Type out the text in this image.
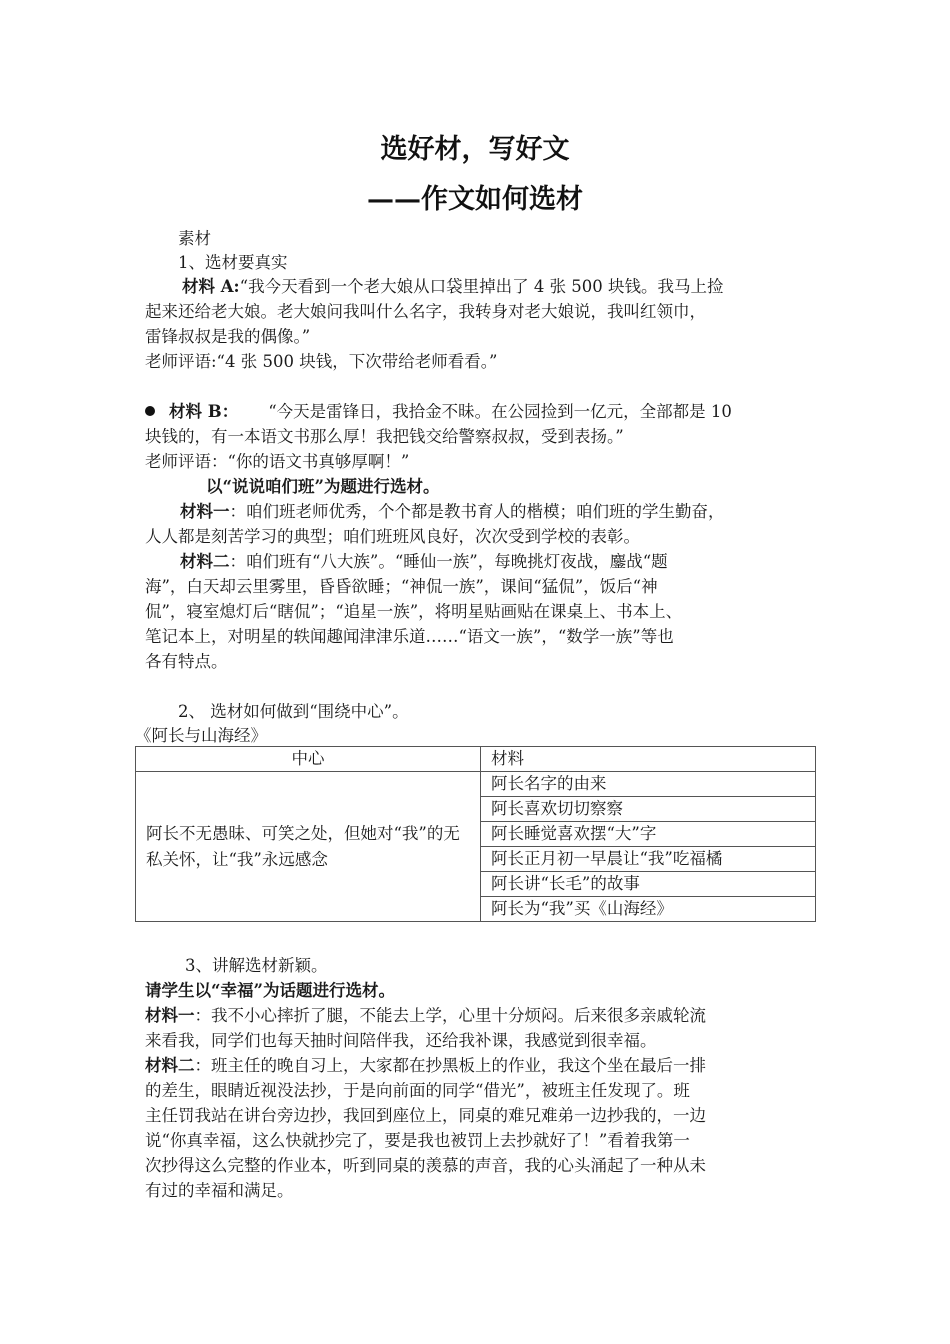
选好材，写好文
——作文如何选材
素材
1、选材要真实
材料 A:“我今天看到一个老大娘从口袋里掉出了 4 张 500 块钱。我马上捡
起来还给老大娘。老大娘问我叫什么名字，我转身对老大娘说，我叫红领巾，
雷锋叔叔是我的偶像。”
老师评语:“4 张 500 块钱，下次带给老师看看。”
材料 B： “今天是雷锋日，我拾金不昧。在公园捡到一亿元，全部都是 10
块钱的，有一本语文书那么厚！我把钱交给警察叔叔，受到表扬。”
老师评语：“你的语文书真够厚啊！”
以“说说咱们班”为题进行选材。
材料一：咱们班老师优秀，个个都是教书育人的楷模；咱们班的学生勤奋，
人人都是刻苦学习的典型；咱们班班风良好，次次受到学校的表彰。
材料二：咱们班有“八大族”。“睡仙一族”，每晚挑灯夜战，鏖战“题
海”，白天却云里雾里，昏昏欲睡；“神侃一族”，课间“猛侃”，饭后“神
侃”，寝室熄灯后“瞎侃”；“追星一族”，将明星贴画贴在课桌上、书本上、
笔记本上，对明星的轶闻趣闻津津乐道……“语文一族”，“数学一族”等也
各有特点。
2、 选材如何做到“围绕中心”。
《阿长与山海经》
中心	材料
阿长不无愚昧、可笑之处，但她对“我”的无私关怀，让“我”永远感念	阿长名字的由来
	阿长喜欢切切察察
	阿长睡觉喜欢摆“大”字
	阿长正月初一早晨让“我”吃福橘
	阿长讲“长毛”的故事
	阿长为“我”买《山海经》
3、讲解选材新颖。
请学生以“幸福”为话题进行选材。
材料一：我不小心摔折了腿，不能去上学，心里十分烦闷。后来很多亲戚轮流
来看我，同学们也每天抽时间陪伴我，还给我补课，我感觉到很幸福。
材料二：班主任的晚自习上，大家都在抄黑板上的作业，我这个坐在最后一排
的差生，眼睛近视没法抄，于是向前面的同学“借光”，被班主任发现了。班
主任罚我站在讲台旁边抄，我回到座位上，同桌的难兄难弟一边抄我的，一边
说“你真幸福，这么快就抄完了，要是我也被罚上去抄就好了！”看着我第一
次抄得这么完整的作业本，听到同桌的羡慕的声音，我的心头涌起了一种从未
有过的幸福和满足。
